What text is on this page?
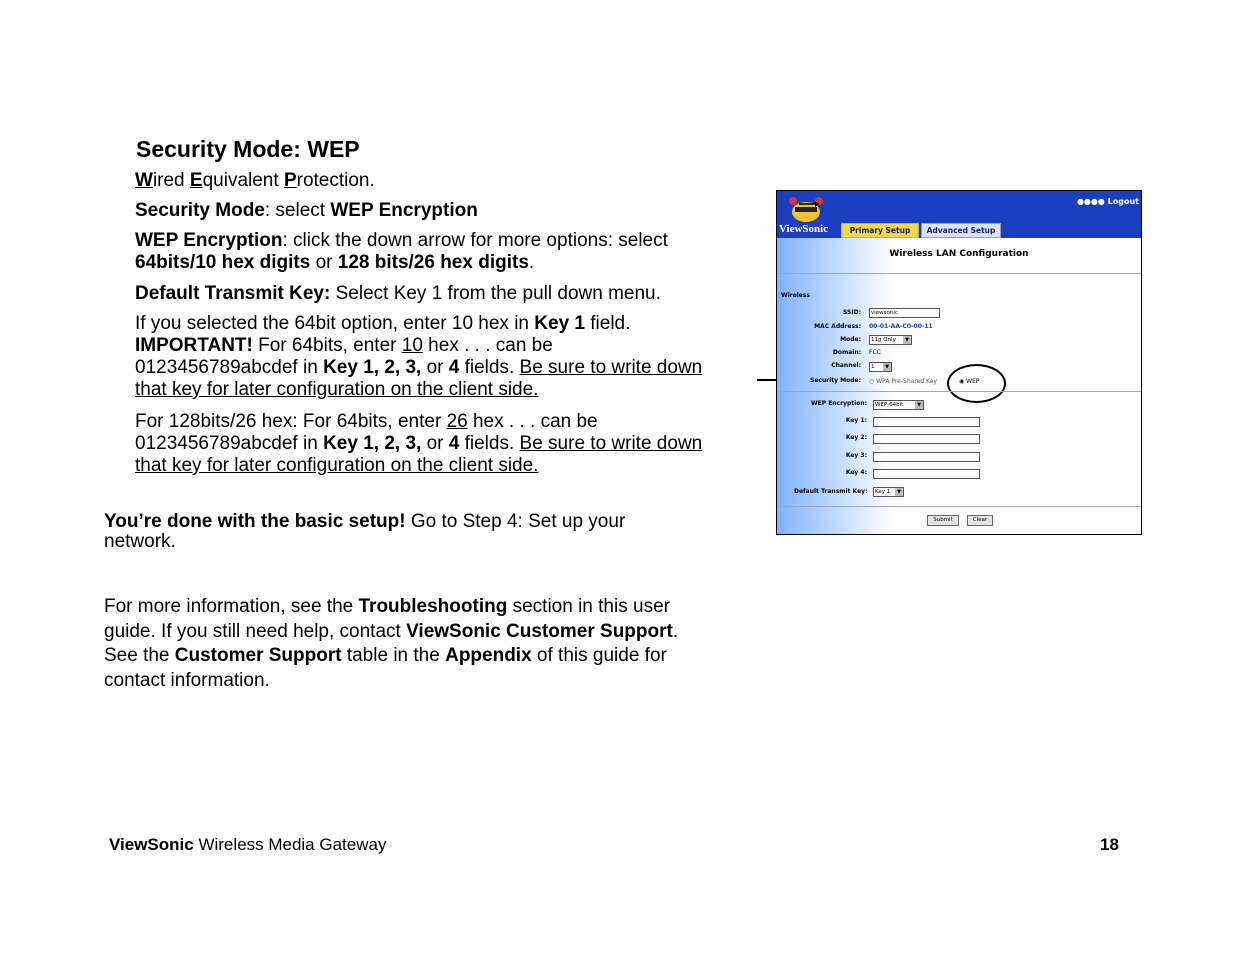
Security Mode: WEP
Wired Equivalent Protection.
Security Mode: select WEP Encryption
WEP Encryption: click the down arrow for more options: select 64bits/10 hex digits or 128 bits/26 hex digits.
Default Transmit Key: Select Key 1 from the pull down menu.
If you selected the 64bit option, enter 10 hex in Key 1 field.
IMPORTANT! For 64bits, enter 10 hex . . . can be 0123456789abcdef in Key 1, 2, 3, or 4 fields. Be sure to write down that key for later configuration on the client side.
For 128bits/26 hex: For 64bits, enter 26 hex . . . can be 0123456789abcdef in Key 1, 2, 3, or 4 fields. Be sure to write down that key for later configuration on the client side.
You’re done with the basic setup! Go to Step 4: Set up your network.
For more information, see the Troubleshooting section in this user guide. If you still need help, contact ViewSonic Customer Support. See the Customer Support table in the Appendix of this guide for contact information.
ViewSonic Wireless Media Gateway	18
ViewSonic
●●●● Logout
Primary Setup	Advanced Setup
Wireless LAN Configuration
Wireless
SSID:	viewsonic
MAC Address: 00-01-AA-C0-00-11
Mode:	11g Only	▼
Domain: FCC
Channel:	1	▼
Security Mode: ○ WPA Pre-Shared Key	◉ WEP
WEP Encryption:	WEP-64bit	▼
Key 1:
Key 2:
Key 3:
Key 4:
Default Transmit Key:	Key 1	▼
Submit	Clear
